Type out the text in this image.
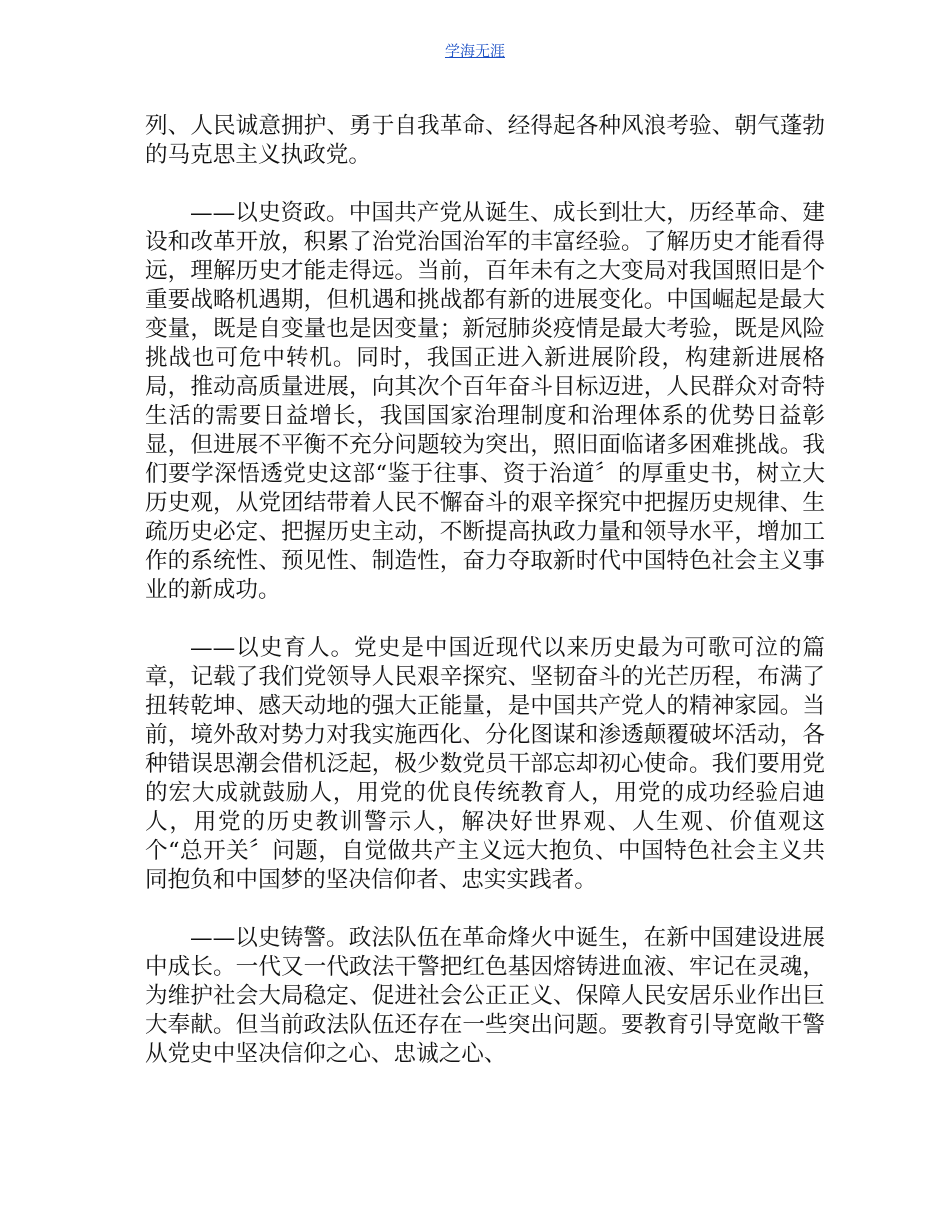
学海无涯

列、人民诚意拥护、勇于自我革命、经得起各种风浪考验、朝气蓬勃的马克思主义执政党。

——以史资政。中国共产党从诞生、成长到壮大，历经革命、建设和改革开放，积累了治党治国治军的丰富经验。了解历史才能看得远，理解历史才能走得远。当前，百年未有之大变局对我国照旧是个重要战略机遇期，但机遇和挑战都有新的进展变化。中国崛起是最大变量，既是自变量也是因变量；新冠肺炎疫情是最大考验，既是风险挑战也可危中转机。同时，我国正进入新进展阶段，构建新进展格局，推动高质量进展，向其次个百年奋斗目标迈进，人民群众对奇特生活的需要日益增长，我国国家治理制度和治理体系的优势日益彰显，但进展不平衡不充分问题较为突出，照旧面临诸多困难挑战。我们要学深悟透党史这部“鉴于往事、资于治道〞的厚重史书，树立大历史观，从党团结带着人民不懈奋斗的艰辛探究中把握历史规律、生疏历史必定、把握历史主动，不断提高执政力量和领导水平，增加工作的系统性、预见性、制造性，奋力夺取新时代中国特色社会主义事业的新成功。

——以史育人。党史是中国近现代以来历史最为可歌可泣的篇章，记载了我们党领导人民艰辛探究、坚韧奋斗的光芒历程，布满了扭转乾坤、感天动地的强大正能量，是中国共产党人的精神家园。当前，境外敌对势力对我实施西化、分化图谋和渗透颠覆破坏活动，各种错误思潮会借机泛起，极少数党员干部忘却初心使命。我们要用党的宏大成就鼓励人，用党的优良传统教育人，用党的成功经验启迪人，用党的历史教训警示人，解决好世界观、人生观、价值观这个“总开关〞问题，自觉做共产主义远大抱负、中国特色社会主义共同抱负和中国梦的坚决信仰者、忠实实践者。

——以史铸警。政法队伍在革命烽火中诞生，在新中国建设进展中成长。一代又一代政法干警把红色基因熔铸进血液、牢记在灵魂，为维护社会大局稳定、促进社会公正正义、保障人民安居乐业作出巨大奉献。但当前政法队伍还存在一些突出问题。要教育引导宽敞干警从党史中坚决信仰之心、忠诚之心、
